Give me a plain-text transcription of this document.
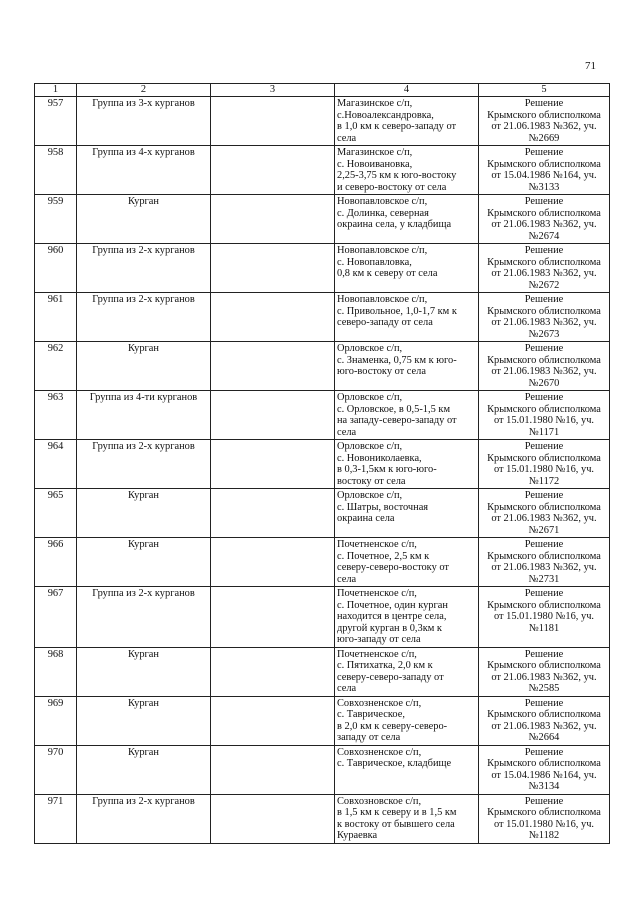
71
1	2	3	4	5
957	Группа из 3-х курганов		Магазинское с/п,
с.Новоалександровка,
в 1,0 км к северо-западу от
села	Решение
Крымского облисполкома
от 21.06.1983 №362, уч.№2669
958	Группа из 4-х курганов		Магазинское с/п,
с. Новоивановка,
2,25-3,75 км к юго-востоку
и северо-востоку от села	Решение
Крымского облисполкома
от 15.04.1986 №164, уч.№3133
959	Курган		Новопавловское с/п,
с. Долинка, северная
окраина села, у кладбища	Решение
Крымского облисполкома
от 21.06.1983 №362, уч.№2674
960	Группа из 2-х курганов		Новопавловское с/п,
с. Новопавловка,
0,8 км к северу от села	Решение
Крымского облисполкома
от 21.06.1983 №362, уч.№2672
961	Группа из 2-х курганов		Новопавловское с/п,
с. Привольное, 1,0-1,7 км к
северо-западу от села	Решение
Крымского облисполкома
от 21.06.1983 №362, уч.№2673
962	Курган		Орловское с/п,
с. Знаменка, 0,75 км к юго-
юго-востоку от села	Решение
Крымского облисполкома
от 21.06.1983 №362, уч.№2670
963	Группа из 4-ти курганов		Орловское с/п,
с. Орловское, в 0,5-1,5 км
на западу-северо-западу от
села	Решение
Крымского облисполкома
от 15.01.1980 №16, уч.№1171
964	Группа из 2-х курганов		Орловское с/п,
с. Новониколаевка,
в 0,3-1,5км к юго-юго-
востоку от села	Решение
Крымского облисполкома
от 15.01.1980 №16, уч.№1172
965	Курган		Орловское с/п,
с. Шатры, восточная
окраина села	Решение
Крымского облисполкома
от 21.06.1983 №362, уч.№2671
966	Курган		Почетненское с/п,
с. Почетное, 2,5 км к
северу-северо-востоку от
села	Решение
Крымского облисполкома
от 21.06.1983 №362, уч.№2731
967	Группа из 2-х курганов		Почетненское с/п,
с. Почетное, один курган
находится в центре села,
другой курган в 0,3км к
юго-западу от села	Решение
Крымского облисполкома
от 15.01.1980 №16, уч.№1181
968	Курган		Почетненское с/п,
с. Пятихатка, 2,0 км к
северу-северо-западу от
села	Решение
Крымского облисполкома
от 21.06.1983 №362, уч.№2585
969	Курган		Совхозненское с/п,
с. Таврическое,
в 2,0 км к северу-северо-
западу от села	Решение
Крымского облисполкома
от 21.06.1983 №362, уч.№2664
970	Курган		Совхозненское с/п,
с. Таврическое, кладбище	Решение
Крымского облисполкома
от 15.04.1986 №164, уч.№3134
971	Группа из 2-х курганов		Совхозновское с/п,
в 1,5 км к северу и в 1,5 км
к востоку от бывшего села
Кураевка	Решение
Крымского облисполкома
от 15.01.1980 №16, уч.№1182
